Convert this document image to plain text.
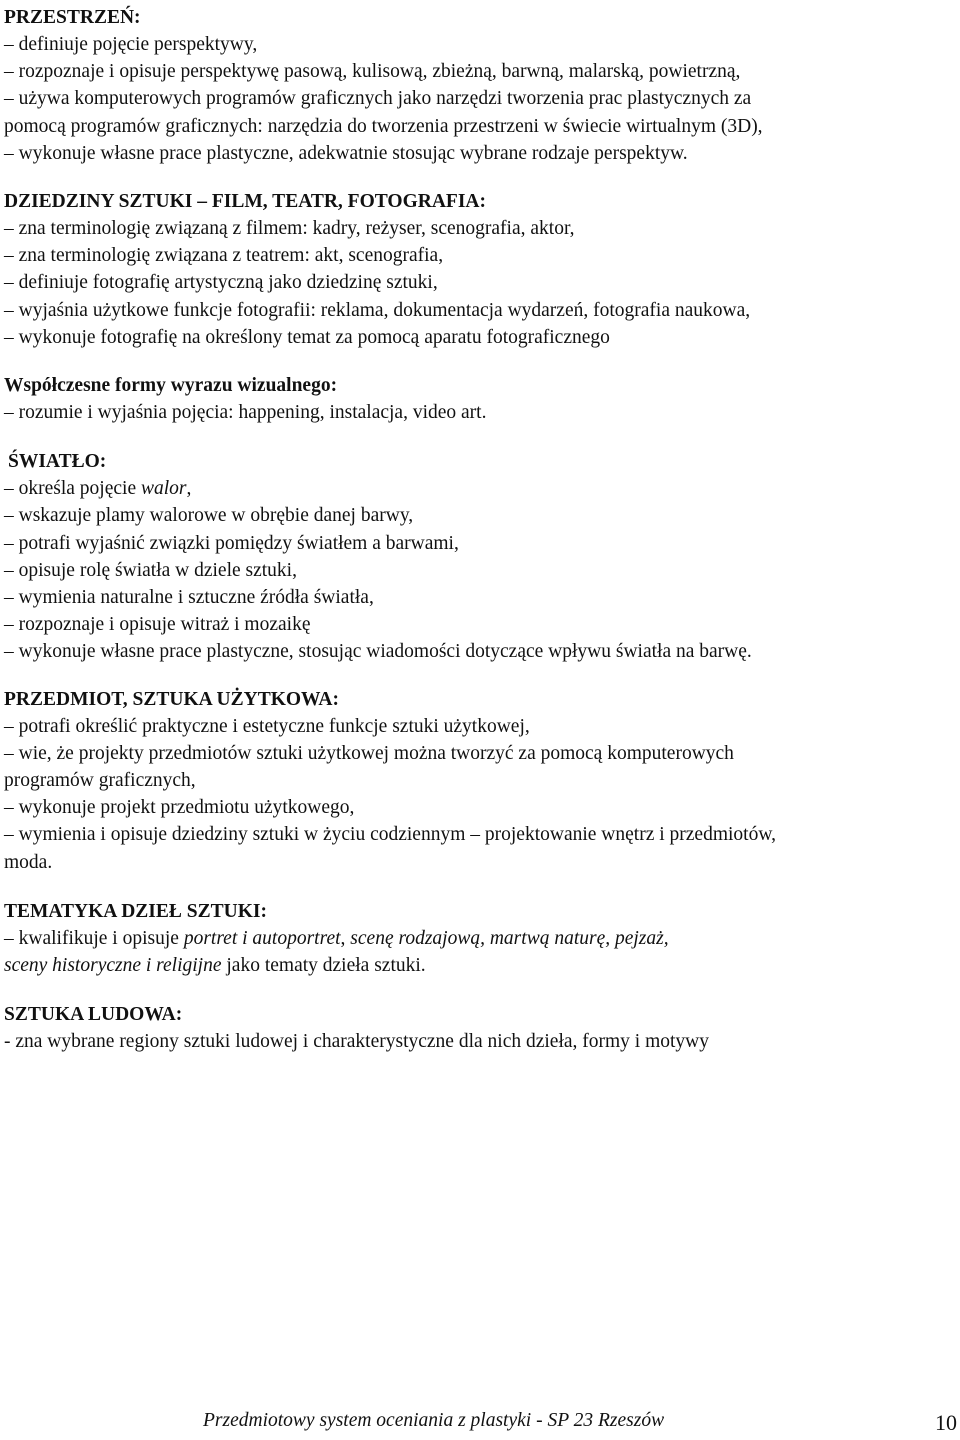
PRZESTRZEŃ:
– definiuje pojęcie perspektywy,
– rozpoznaje i opisuje perspektywę pasową, kulisową, zbieżną, barwną, malarską, powietrzną,
– używa komputerowych programów graficznych jako narzędzi tworzenia prac plastycznych za
pomocą programów graficznych: narzędzia do tworzenia przestrzeni w świecie wirtualnym (3D),
– wykonuje własne prace plastyczne, adekwatnie stosując wybrane rodzaje perspektyw.
DZIEDZINY SZTUKI – FILM, TEATR, FOTOGRAFIA:
– zna terminologię związaną z filmem: kadry, reżyser, scenografia, aktor,
– zna terminologię związana z teatrem: akt, scenografia,
– definiuje fotografię artystyczną jako dziedzinę sztuki,
– wyjaśnia użytkowe funkcje fotografii: reklama, dokumentacja wydarzeń, fotografia naukowa,
– wykonuje fotografię na określony temat za pomocą aparatu fotograficznego
Współczesne formy wyrazu wizualnego:
– rozumie i wyjaśnia pojęcia: happening, instalacja, video art.
ŚWIATŁO:
– określa pojęcie walor,
– wskazuje plamy walorowe w obrębie danej barwy,
– potrafi wyjaśnić związki pomiędzy światłem a barwami,
– opisuje rolę światła w dziele sztuki,
– wymienia naturalne i sztuczne źródła światła,
– rozpoznaje i opisuje witraż i mozaikę
– wykonuje własne prace plastyczne, stosując wiadomości dotyczące wpływu światła na barwę.
PRZEDMIOT, SZTUKA UŻYTKOWA:
– potrafi określić praktyczne i estetyczne funkcje sztuki użytkowej,
– wie, że projekty przedmiotów sztuki użytkowej można tworzyć za pomocą komputerowych
programów graficznych,
– wykonuje projekt przedmiotu użytkowego,
– wymienia i opisuje dziedziny sztuki w życiu codziennym – projektowanie wnętrz i przedmiotów,
moda.
TEMATYKA DZIEŁ SZTUKI:
– kwalifikuje i opisuje portret i autoportret, scenę rodzajową, martwą naturę, pejzaż,
sceny historyczne i religijne jako tematy dzieła sztuki.
SZTUKA LUDOWA:
- zna wybrane regiony sztuki ludowej i charakterystyczne dla nich dzieła, formy i motywy
Przedmiotowy system oceniania z plastyki - SP 23 Rzeszów	10
